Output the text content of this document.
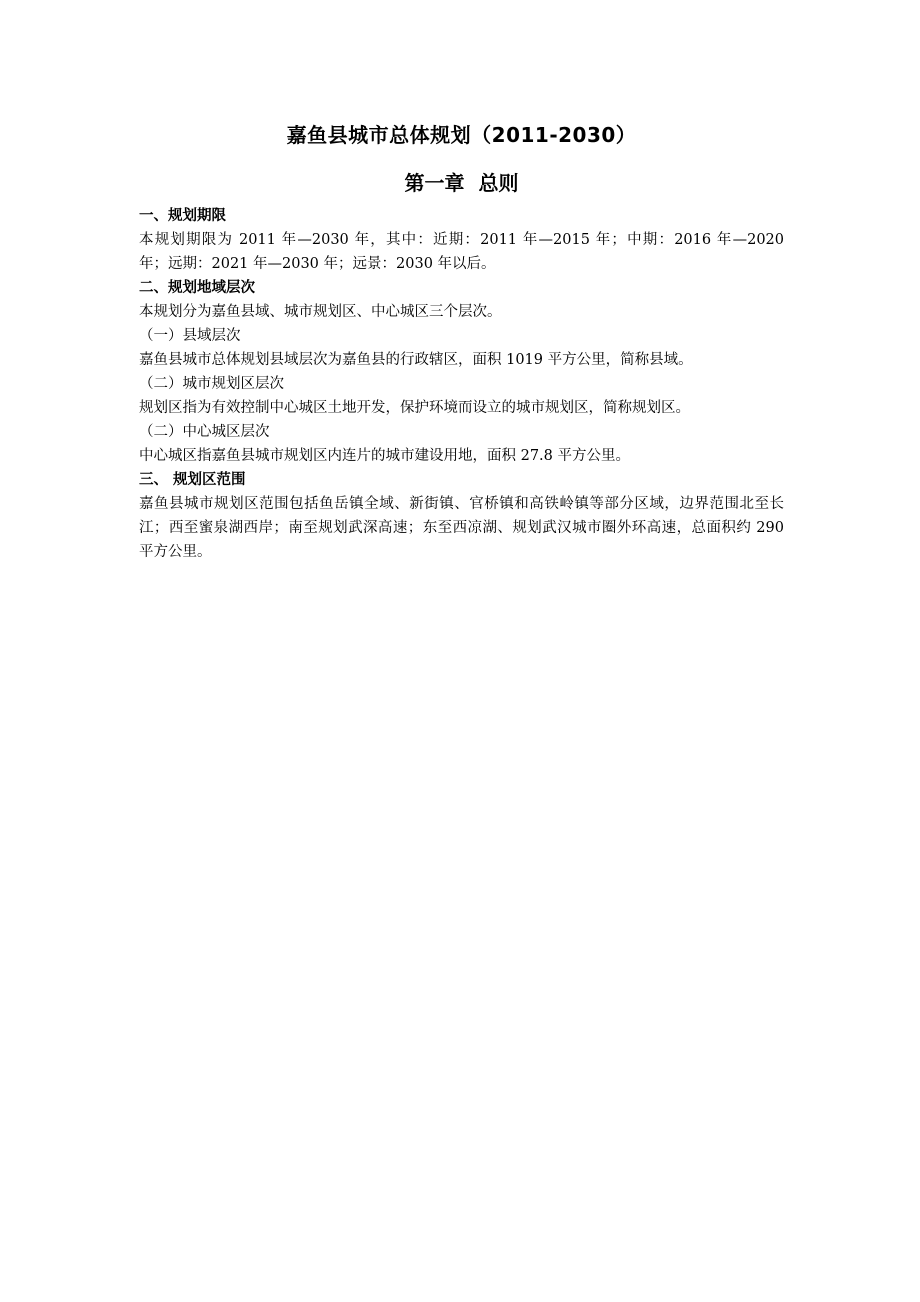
嘉鱼县城市总体规划（2011-2030）
第一章  总则

一、规划期限

本规划期限为 2011 年—2030 年，其中：近期：2011 年—2015 年；中期：2016 年—2020 年；远期：2021 年—2030 年；远景：2030 年以后。

二、规划地域层次

本规划分为嘉鱼县域、城市规划区、中心城区三个层次。

（一）县域层次

嘉鱼县城市总体规划县域层次为嘉鱼县的行政辖区，面积 1019 平方公里，简称县域。

（二）城市规划区层次

规划区指为有效控制中心城区土地开发，保护环境而设立的城市规划区，简称规划区。

（二）中心城区层次

中心城区指嘉鱼县城市规划区内连片的城市建设用地，面积 27.8 平方公里。

三、 规划区范围

嘉鱼县城市规划区范围包括鱼岳镇全域、新街镇、官桥镇和高铁岭镇等部分区域，边界范围北至长江；西至蜜泉湖西岸；南至规划武深高速；东至西凉湖、规划武汉城市圈外环高速，总面积约 290 平方公里。
